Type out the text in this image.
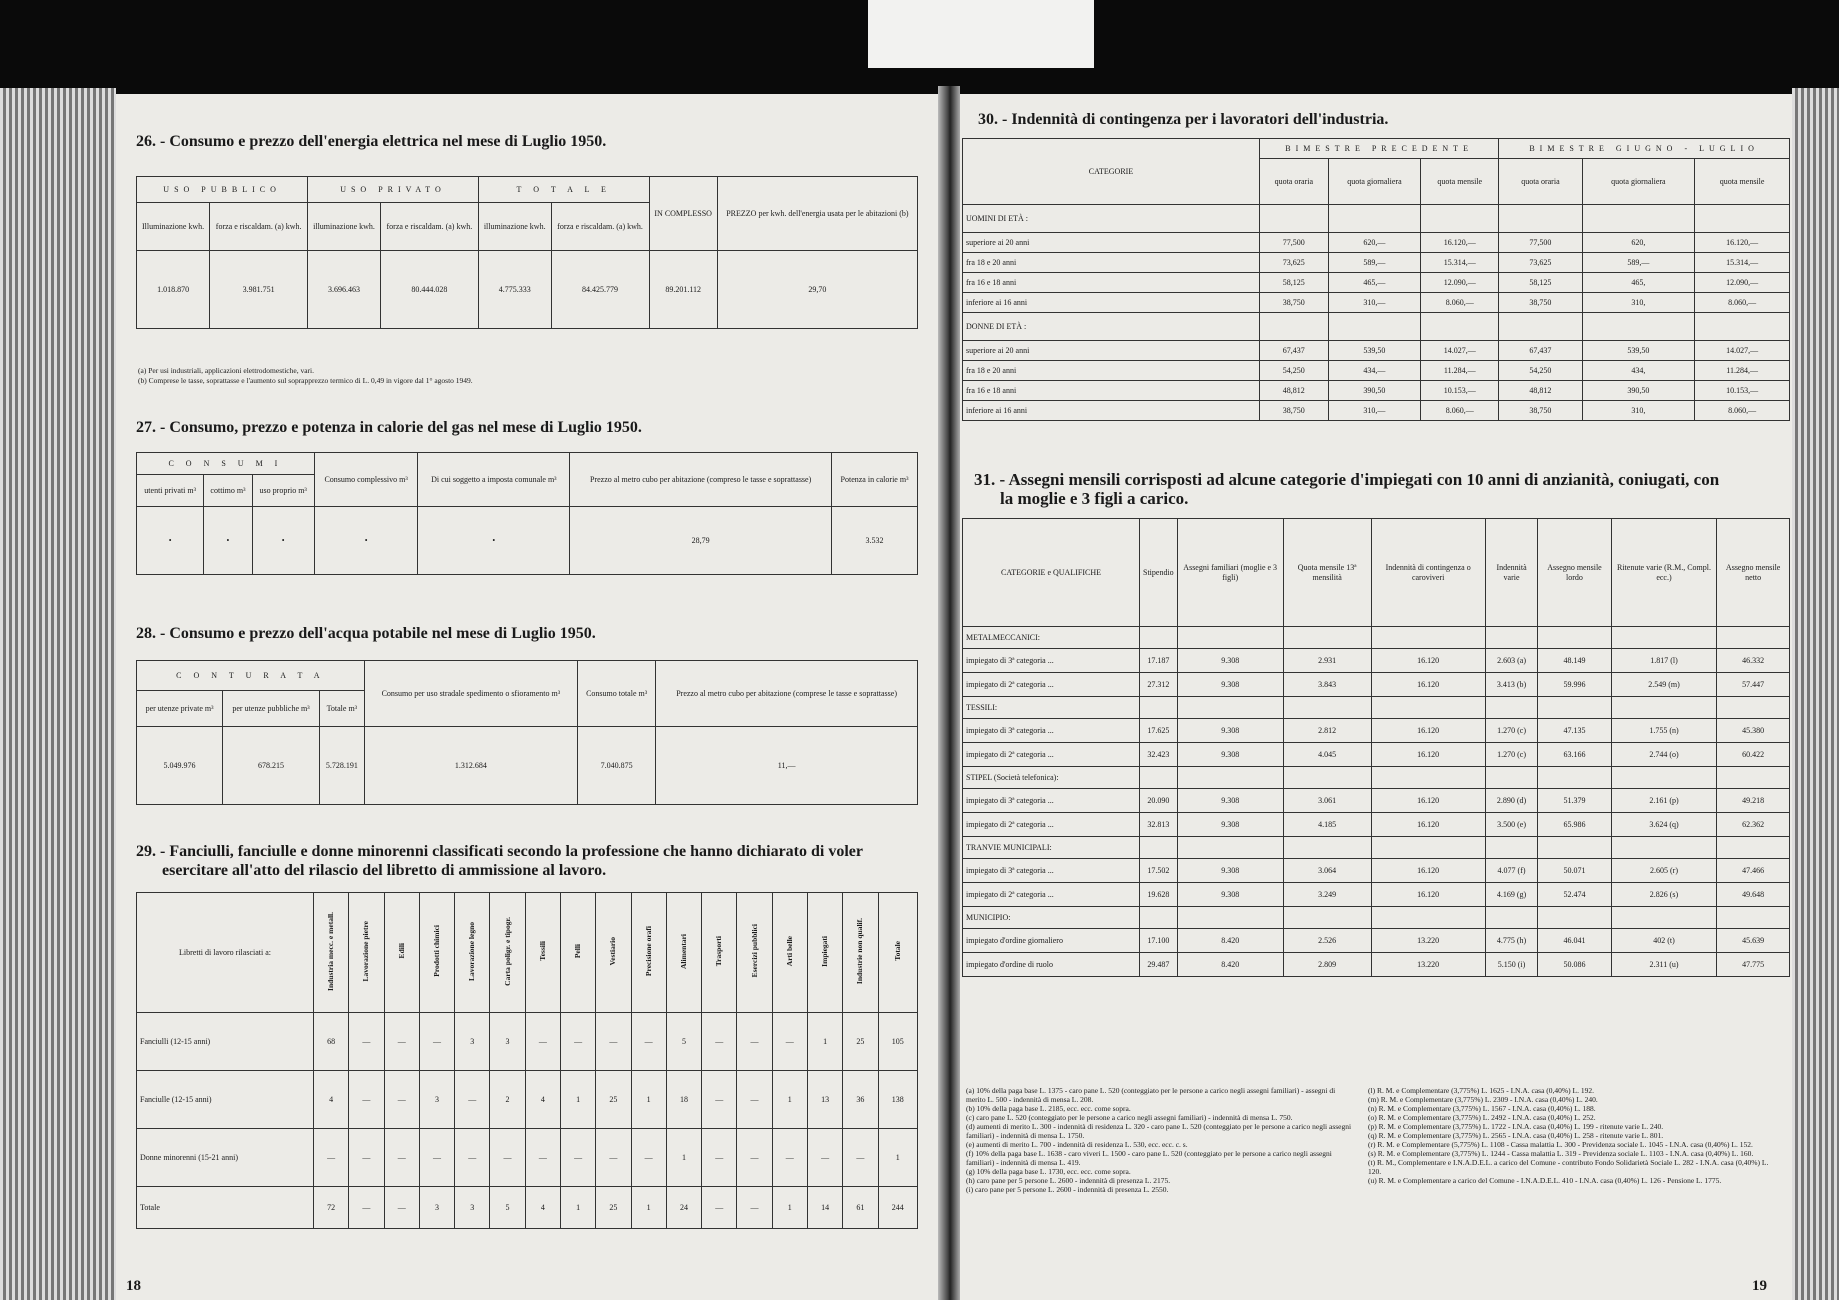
26. - Consumo e prezzo dell'energia elettrica nel mese di Luglio 1950.
USO PUBBLICO		USO PRIVATO		T O T A L E		IN COMPLESSO	PREZZO per kwh. dell'energia usata per le abitazioni (b)
Illuminazione kwh.	forza e riscaldam. (a) kwh.	illuminazione kwh.	forza e riscaldam. (a) kwh.	illuminazione kwh.	forza e riscaldam. (a) kwh.		
1.018.870	3.981.751	3.696.463	80.444.028	4.775.333	84.425.779	89.201.112	29,70
(a) Per usi industriali, applicazioni elettrodomestiche, vari.
(b) Comprese le tasse, soprattasse e l'aumento sul soprapprezzo termico di L. 0,49 in vigore dal 1° agosto 1949.
27. - Consumo, prezzo e potenza in calorie del gas nel mese di Luglio 1950.
C O N S U M I			Consumo complessivo m³	Di cui soggetto a imposta comunale m³	Prezzo al metro cubo per abitazione (compreso le tasse e soprattasse)	Potenza in calorie m³
utenti privati m³	cottimo m³	uso proprio m³				
•	•	•	•	•	28,79	3.532
28. - Consumo e prezzo dell'acqua potabile nel mese di Luglio 1950.
C O N T U R A T A			Consumo per uso stradale spedimento o sfioramento m³	Consumo totale m³	Prezzo al metro cubo per abitazione (comprese le tasse e soprattasse)
per utenze private m³	per utenze pubbliche m³	Totale m³			
5.049.976	678.215	5.728.191	1.312.684	7.040.875	11,—
29. - Fanciulli, fanciulle e donne minorenni classificati secondo la professione che hanno dichiarato di voler
esercitare all'atto del rilascio del libretto di ammissione al lavoro.
Libretti di lavoro rilasciati a:	Industria mecc. e metall.	Lavorazione pietre	Edili	Prodotti chimici	Lavorazione legno	Carta poligr. e tipogr.	Tessili	Pelli	Vestiario	Precisione orafi	Alimentari	Trasporti	Esercizi pubblici	Arti belle	Impiegati	Industrie non qualif.	Totale
Fanciulli (12-15 anni)	68	—	—	—	3	3	—	—	—	—	5	—	—	—	1	25	105
Fanciulle (12-15 anni)	4	—	—	3	—	2	4	1	25	1	18	—	—	1	13	36	138
Donne minorenni (15-21 anni)	—	—	—	—	—	—	—	—	—	—	1	—	—	—	—	—	1
Totale	72	—	—	3	3	5	4	1	25	1	24	—	—	1	14	61	244
18
30. - Indennità di contingenza per i lavoratori dell'industria.
CATEGORIE	BIMESTRE PRECEDENTE			BIMESTRE GIUGNO - LUGLIO		
	quota oraria	quota giornaliera	quota mensile	quota oraria	quota giornaliera	quota mensile
UOMINI DI ETÀ :						
superiore ai 20 anni	77,500	620,—	16.120,—	77,500	620,	16.120,—
fra 18 e 20 anni	73,625	589,—	15.314,—	73,625	589,—	15.314,—
fra 16 e 18 anni	58,125	465,—	12.090,—	58,125	465,	12.090,—
inferiore ai 16 anni	38,750	310,—	8.060,—	38,750	310,	8.060,—
DONNE DI ETÀ :						
superiore ai 20 anni	67,437	539,50	14.027,—	67,437	539,50	14.027,—
fra 18 e 20 anni	54,250	434,—	11.284,—	54,250	434,	11.284,—
fra 16 e 18 anni	48,812	390,50	10.153,—	48,812	390,50	10.153,—
inferiore ai 16 anni	38,750	310,—	8.060,—	38,750	310,	8.060,—
31. - Assegni mensili corrisposti ad alcune categorie d'impiegati con 10 anni di anzianità, coniugati, con
la moglie e 3 figli a carico.
CATEGORIE e QUALIFICHE	Stipendio	Assegni familiari (moglie e 3 figli)	Quota mensile 13ª mensilità	Indennità di contingenza o caroviveri	Indennità varie	Assegno mensile lordo	Ritenute varie (R.M., Compl. ecc.)	Assegno mensile netto
METALMECCANICI:								
impiegato di 3ª categoria ...	17.187	9.308	2.931	16.120	2.603 (a)	48.149	1.817 (l)	46.332
impiegato di 2ª categoria ...	27.312	9.308	3.843	16.120	3.413 (b)	59.996	2.549 (m)	57.447
TESSILI:								
impiegato di 3ª categoria ...	17.625	9.308	2.812	16.120	1.270 (c)	47.135	1.755 (n)	45.380
impiegato di 2ª categoria ...	32.423	9.308	4.045	16.120	1.270 (c)	63.166	2.744 (o)	60.422
STIPEL (Società telefonica):								
impiegato di 3ª categoria ...	20.090	9.308	3.061	16.120	2.890 (d)	51.379	2.161 (p)	49.218
impiegato di 2ª categoria ...	32.813	9.308	4.185	16.120	3.500 (e)	65.986	3.624 (q)	62.362
TRANVIE MUNICIPALI:								
impiegato di 3ª categoria ...	17.502	9.308	3.064	16.120	4.077 (f)	50.071	2.605 (r)	47.466
impiegato di 2ª categoria ...	19.628	9.308	3.249	16.120	4.169 (g)	52.474	2.826 (s)	49.648
MUNICIPIO:								
impiegato d'ordine giornaliero	17.100	8.420	2.526	13.220	4.775 (h)	46.041	402 (t)	45.639
impiegato d'ordine di ruolo	29.487	8.420	2.809	13.220	5.150 (i)	50.086	2.311 (u)	47.775
(a) 10% della paga base L. 1375 - caro pane L. 520 (conteggiato per le persone a carico negli assegni familiari) - assegni di merito L. 500 - indennità di mensa L. 208.
(b) 10% della paga base L. 2185, ecc. ecc. come sopra.
(c) caro pane L. 520 (conteggiato per le persone a carico negli assegni familiari) - indennità di mensa L. 750.
(d) aumenti di merito L. 300 - indennità di residenza L. 320 - caro pane L. 520 (conteggiato per le persone a carico negli assegni familiari) - indennità di mensa L. 1750.
(e) aumenti di merito L. 700 - indennità di residenza L. 530, ecc. ecc. c. s.
(f) 10% della paga base L. 1638 - caro viveri L. 1500 - caro pane L. 520 (conteggiato per le persone a carico negli assegni familiari) - indennità di mensa L. 419.
(g) 10% della paga base L. 1730, ecc. ecc. come sopra.
(h) caro pane per 5 persone L. 2600 - indennità di presenza L. 2175.
(i) caro pane per 5 persone L. 2600 - indennità di presenza L. 2550.
(l) R. M. e Complementare (3,775%) L. 1625 - I.N.A. casa (0,40%) L. 192.
(m) R. M. e Complementare (3,775%) L. 2309 - I.N.A. casa (0,40%) L. 240.
(n) R. M. e Complementare (3,775%) L. 1567 - I.N.A. casa (0,40%) L. 188.
(o) R. M. e Complementare (3,775%) L. 2492 - I.N.A. casa (0,40%) L. 252.
(p) R. M. e Complementare (3,775%) L. 1722 - I.N.A. casa (0,40%) L. 199 - ritenute varie L. 240.
(q) R. M. e Complementare (3,775%) L. 2565 - I.N.A. casa (0,40%) L. 258 - ritenute varie L. 801.
(r) R. M. e Complementare (5,775%) L. 1108 - Cassa malattia L. 300 - Previdenza sociale L. 1045 - I.N.A. casa (0,40%) L. 152.
(s) R. M. e Complementare (3,775%) L. 1244 - Cassa malattia L. 319 - Previdenza sociale L. 1103 - I.N.A. casa (0,40%) L. 160.
(t) R. M., Complementare e I.N.A.D.E.L. a carico del Comune - contributo Fondo Solidarietà Sociale L. 282 - I.N.A. casa (0,40%) L. 120.
(u) R. M. e Complementare a carico del Comune - I.N.A.D.E.L. 410 - I.N.A. casa (0,40%) L. 126 - Pensione L. 1775.
19
